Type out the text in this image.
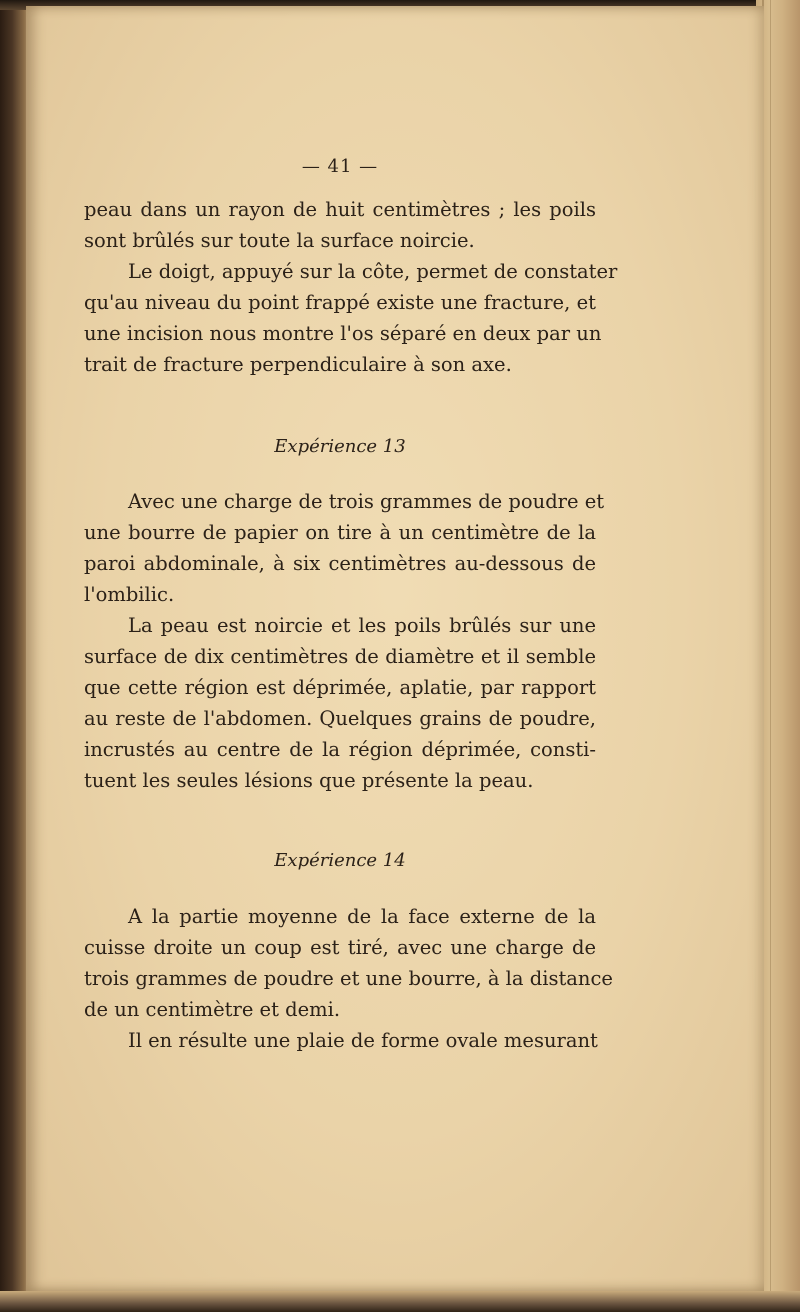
— 41 —
peau dans un rayon de huit centimètres ; les poils
sont brûlés sur toute la surface noircie.
Le doigt, appuyé sur la côte, permet de constater
qu'au niveau du point frappé existe une fracture, et
une incision nous montre l'os séparé en deux par un
trait de fracture perpendiculaire à son axe.
Expérience 13
Avec une charge de trois grammes de poudre et
une bourre de papier on tire à un centimètre de la
paroi abdominale, à six centimètres au-dessous de
l'ombilic.
La peau est noircie et les poils brûlés sur une
surface de dix centimètres de diamètre et il semble
que cette région est déprimée, aplatie, par rapport
au reste de l'abdomen. Quelques grains de poudre,
incrustés au centre de la région déprimée, consti-
tuent les seules lésions que présente la peau.
Expérience 14
A la partie moyenne de la face externe de la
cuisse droite un coup est tiré, avec une charge de
trois grammes de poudre et une bourre, à la distance
de un centimètre et demi.
Il en résulte une plaie de forme ovale mesurant
